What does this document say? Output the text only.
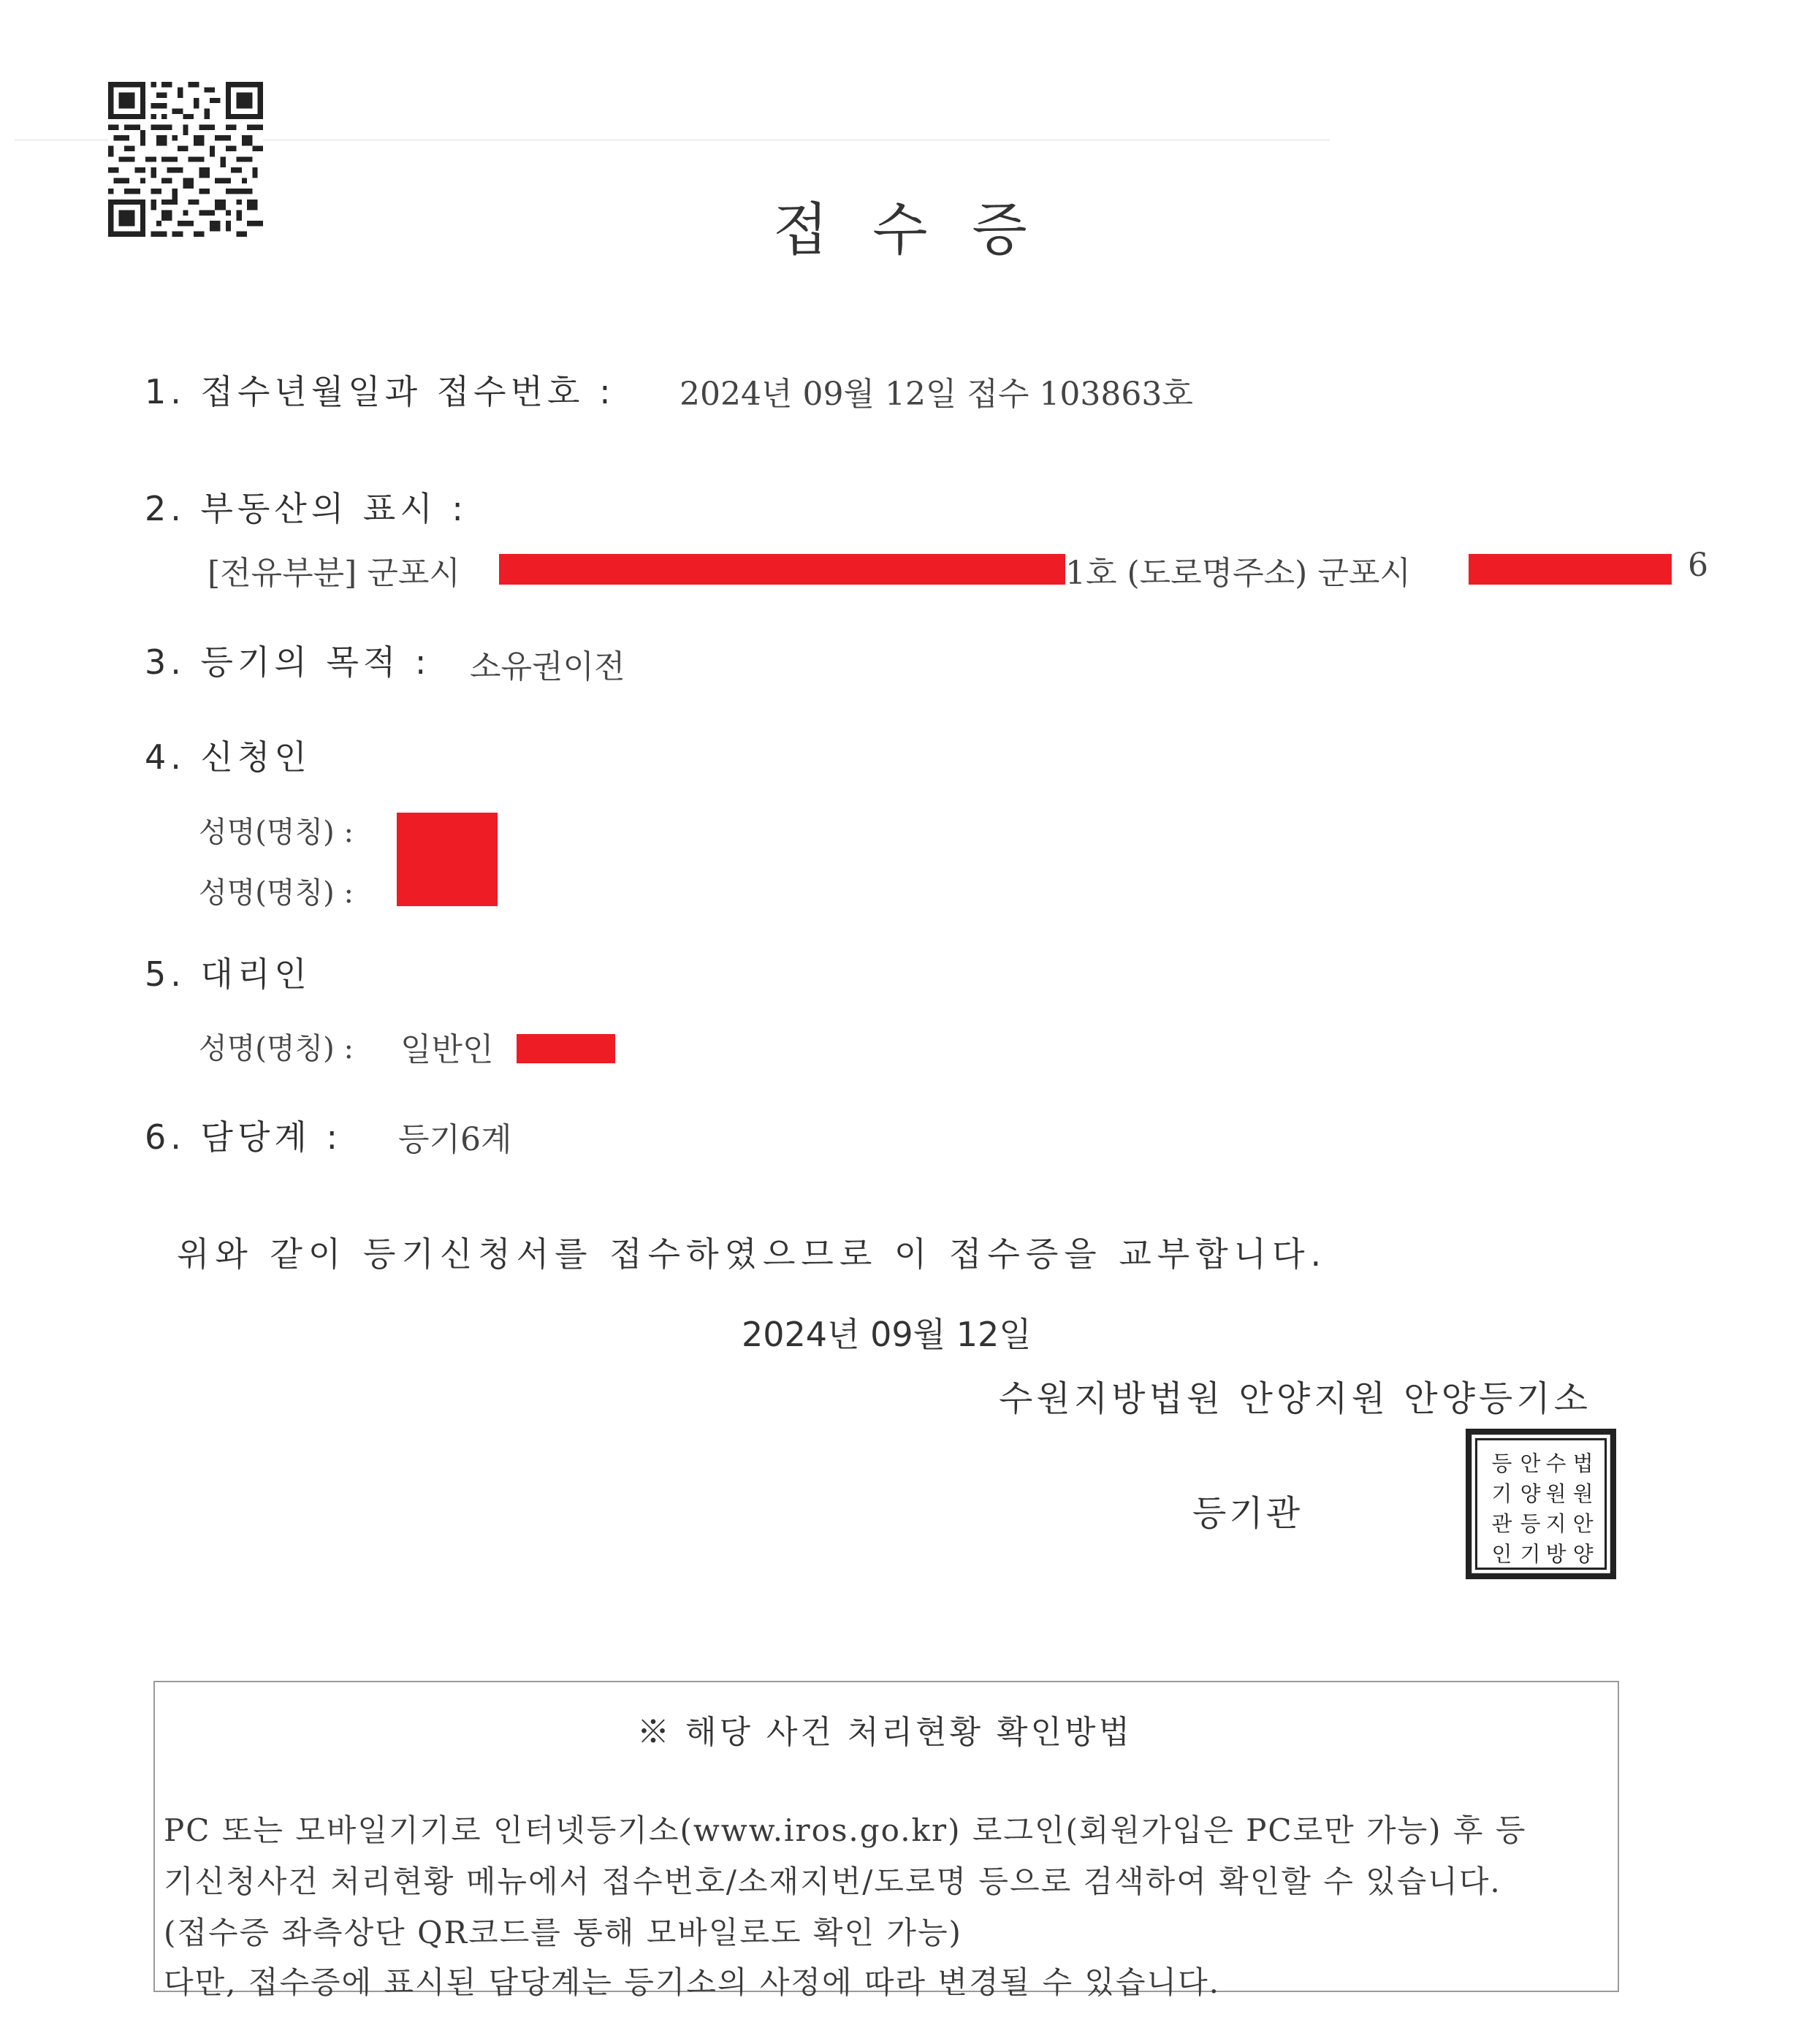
접 수 증
1. 접수년월일과 접수번호 : 2024년 09월 12일 접수 103863호
2. 부동산의 표시 :
[전유부분] 군포시	1호 (도로명주소) 군포시	6
3. 등기의 목적 : 소유권이전
4. 신청인
성명(명칭) :
성명(명칭) :
5. 대리인
성명(명칭) : 일반인
6. 담당계 : 등기6계
위와 같이 등기신청서를 접수하였으므로 이 접수증을 교부합니다.
2024년 09월 12일
수원지방법원 안양지원 안양등기소
등기관
등
기
관
인
안
양
등
기
수
원
지
방
법
원
안
양
※ 해당 사건 처리현황 확인방법
PC 또는 모바일기기로 인터넷등기소(www.iros.go.kr) 로그인(회원가입은 PC로만 가능) 후 등
기신청사건 처리현황 메뉴에서 접수번호/소재지번/도로명 등으로 검색하여 확인할 수 있습니다.
(접수증 좌측상단 QR코드를 통해 모바일로도 확인 가능)
다만, 접수증에 표시된 담당계는 등기소의 사정에 따라 변경될 수 있습니다.
